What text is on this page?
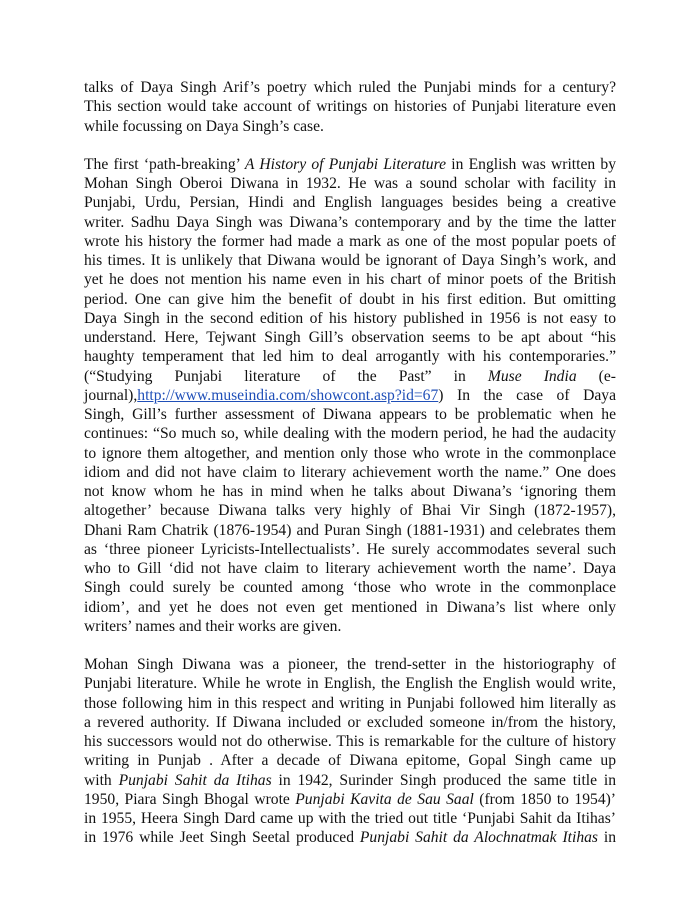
talks of Daya Singh Arif’s poetry which ruled the Punjabi minds for a century?
This section would take account of writings on histories of Punjabi literature even
while focussing on Daya Singh’s case.
The first ‘path-breaking’ A History of Punjabi Literature in English was written by
Mohan Singh Oberoi Diwana in 1932. He was a sound scholar with facility in
Punjabi, Urdu, Persian, Hindi and English languages besides being a creative
writer. Sadhu Daya Singh was Diwana’s contemporary and by the time the latter
wrote his history the former had made a mark as one of the most popular poets of
his times. It is unlikely that Diwana would be ignorant of Daya Singh’s work, and
yet he does not mention his name even in his chart of minor poets of the British
period. One can give him the benefit of doubt in his first edition. But omitting
Daya Singh in the second edition of his history published in 1956 is not easy to
understand. Here, Tejwant Singh Gill’s observation seems to be apt about “his
haughty temperament that led him to deal arrogantly with his contemporaries.”
(“Studying Punjabi literature of the Past” in Muse India (e-
journal),http://www.museindia.com/showcont.asp?id=67) In the case of Daya
Singh, Gill’s further assessment of Diwana appears to be problematic when he
continues: “So much so, while dealing with the modern period, he had the audacity
to ignore them altogether, and mention only those who wrote in the commonplace
idiom and did not have claim to literary achievement worth the name.” One does
not know whom he has in mind when he talks about Diwana’s ‘ignoring them
altogether’ because Diwana talks very highly of Bhai Vir Singh (1872-1957),
Dhani Ram Chatrik (1876-1954) and Puran Singh (1881-1931) and celebrates them
as ‘three pioneer Lyricists-Intellectualists’. He surely accommodates several such
who to Gill ‘did not have claim to literary achievement worth the name’. Daya
Singh could surely be counted among ‘those who wrote in the commonplace
idiom’, and yet he does not even get mentioned in Diwana’s list where only
writers’ names and their works are given.
Mohan Singh Diwana was a pioneer, the trend-setter in the historiography of
Punjabi literature. While he wrote in English, the English the English would write,
those following him in this respect and writing in Punjabi followed him literally as
a revered authority. If Diwana included or excluded someone in/from the history,
his successors would not do otherwise. This is remarkable for the culture of history
writing in Punjab . After a decade of Diwana epitome, Gopal Singh came up
with Punjabi Sahit da Itihas in 1942, Surinder Singh produced the same title in
1950, Piara Singh Bhogal wrote Punjabi Kavita de Sau Saal (from 1850 to 1954)’
in 1955, Heera Singh Dard came up with the tried out title ‘Punjabi Sahit da Itihas’
in 1976 while Jeet Singh Seetal produced Punjabi Sahit da Alochnatmak Itihas in
